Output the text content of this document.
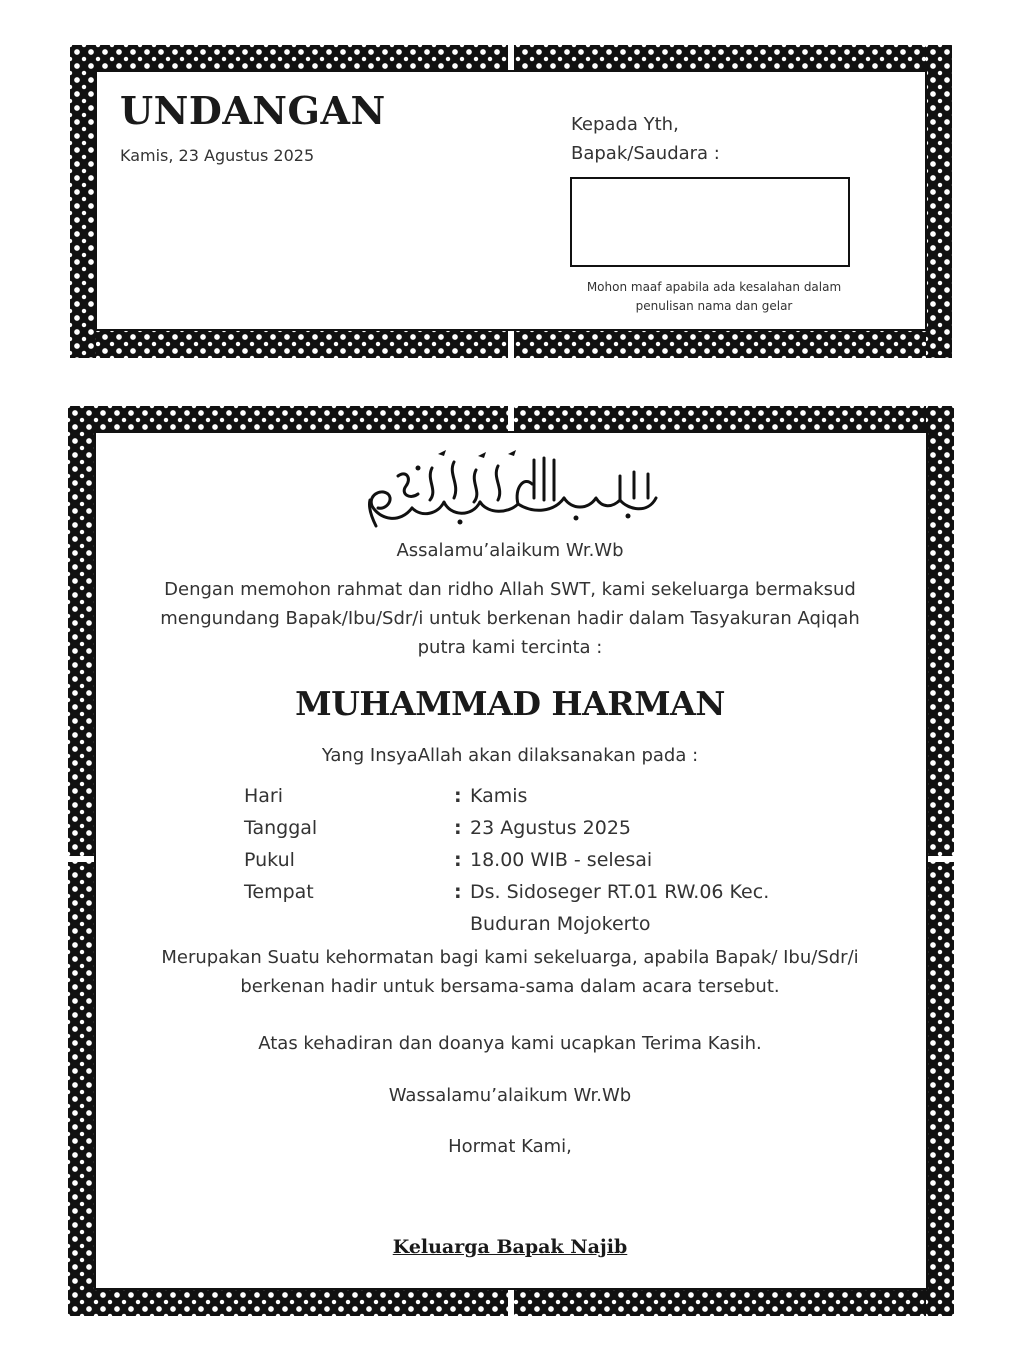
UNDANGAN
Kamis, 23 Agustus 2025
Kepada Yth,
Bapak/Saudara :
Mohon maaf apabila ada kesalahan dalam
penulisan nama dan gelar
Assalamu’alaikum Wr.Wb
Dengan memohon rahmat dan ridho Allah SWT, kami sekeluarga bermaksud
mengundang Bapak/Ibu/Sdr/i untuk berkenan hadir dalam Tasyakuran Aqiqah
putra kami tercinta :
MUHAMMAD HARMAN
Yang InsyaAllah akan dilaksanakan pada :
Hari	: Kamis
Tanggal	: 23 Agustus 2025
Pukul	: 18.00 WIB - selesai
Tempat	: Ds. Sidoseger RT.01 RW.06 Kec.
Buduran Mojokerto
Merupakan Suatu kehormatan bagi kami sekeluarga, apabila Bapak/ Ibu/Sdr/i
berkenan hadir untuk bersama-sama dalam acara tersebut.
Atas kehadiran dan doanya kami ucapkan Terima Kasih.
Wassalamu’alaikum Wr.Wb
Hormat Kami,
Keluarga Bapak Najib
